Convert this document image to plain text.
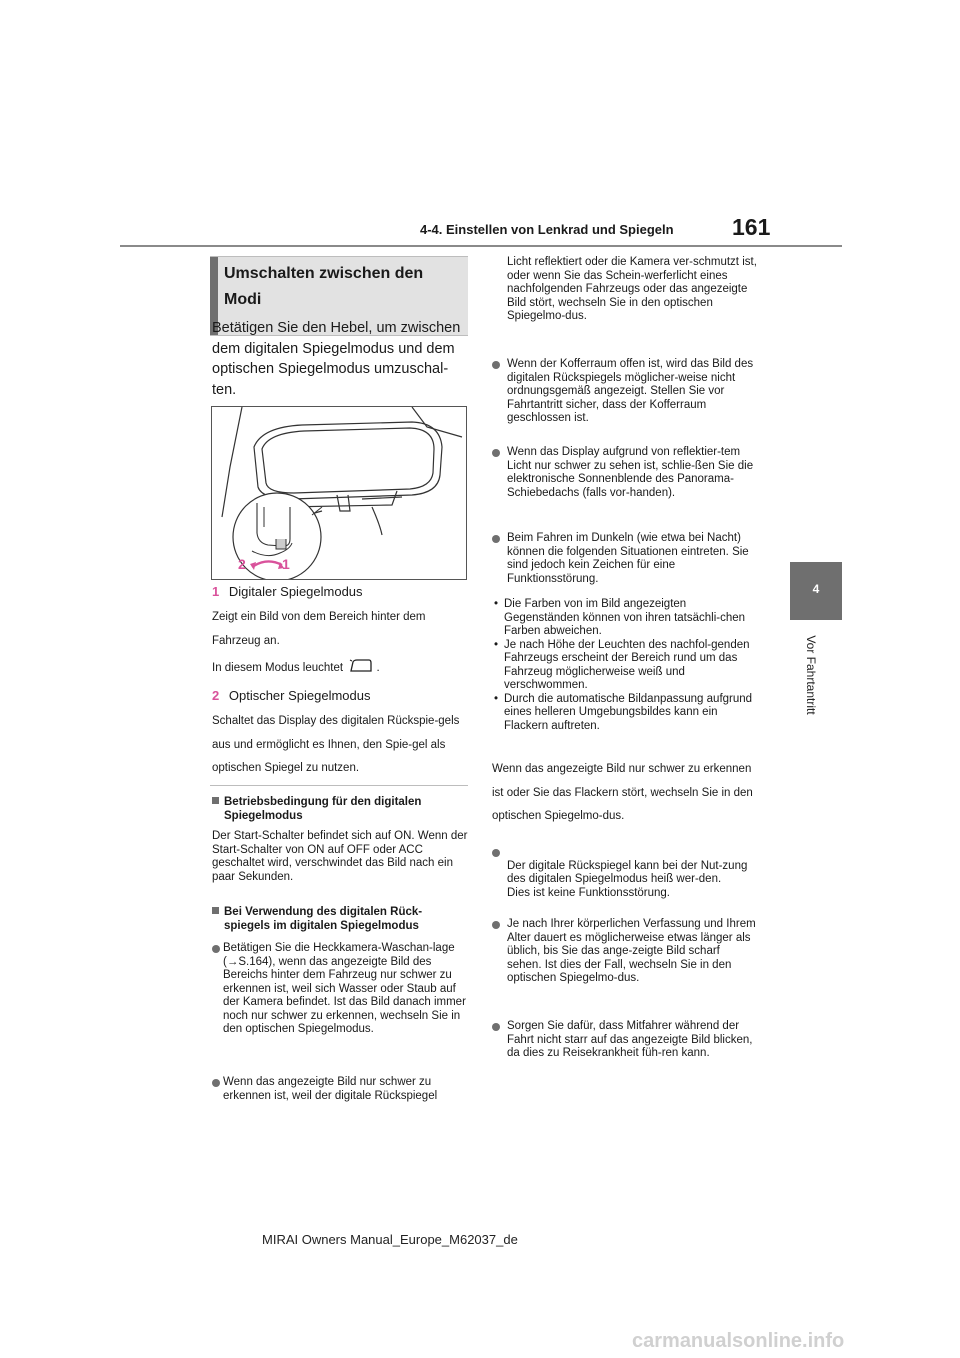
4-4. Einstellen von Lenkrad und Spiegeln	161
4
Vor Fahrtantritt
Umschalten zwischen den Modi
Betätigen Sie den Hebel, um zwischen dem digitalen Spiegelmodus und dem optischen Spiegelmodus umzuschal-ten.
2	1
1 Digitaler Spiegelmodus
Zeigt ein Bild von dem Bereich hinter dem Fahrzeug an.
In diesem Modus leuchtet	.
2 Optischer Spiegelmodus
Schaltet das Display des digitalen Rückspie-gels aus und ermöglicht es Ihnen, den Spie-gel als optischen Spiegel zu nutzen.
Betriebsbedingung für den digitalen
Spiegelmodus
Der Start-Schalter befindet sich auf ON. Wenn der Start-Schalter von ON auf OFF oder ACC geschaltet wird, verschwindet das Bild nach ein paar Sekunden.
Bei Verwendung des digitalen Rück-
spiegels im digitalen Spiegelmodus
Betätigen Sie die Heckkamera-Waschan-lage (→S.164), wenn das angezeigte Bild des Bereichs hinter dem Fahrzeug nur schwer zu erkennen ist, weil sich Wasser oder Staub auf der Kamera befindet. Ist das Bild danach immer noch nur schwer zu erkennen, wechseln Sie in den optischen Spiegelmodus.
Wenn das angezeigte Bild nur schwer zu erkennen ist, weil der digitale Rückspiegel
Licht reflektiert oder die Kamera ver-schmutzt ist, oder wenn Sie das Schein-werferlicht eines nachfolgenden Fahrzeugs oder das angezeigte Bild stört, wechseln Sie in den optischen Spiegelmo-dus.
Wenn der Kofferraum offen ist, wird das Bild des digitalen Rückspiegels möglicher-weise nicht ordnungsgemäß angezeigt. Stellen Sie vor Fahrtantritt sicher, dass der Kofferraum geschlossen ist.
Wenn das Display aufgrund von reflektier-tem Licht nur schwer zu sehen ist, schlie-ßen Sie die elektronische Sonnenblende des Panorama-Schiebedachs (falls vor-handen).
Beim Fahren im Dunkeln (wie etwa bei Nacht) können die folgenden Situationen eintreten. Sie sind jedoch kein Zeichen für eine Funktionsstörung.
• Die Farben von im Bild angezeigten Gegenständen können von ihren tatsächli-chen Farben abweichen.
• Je nach Höhe der Leuchten des nachfol-genden Fahrzeugs erscheint der Bereich rund um das Fahrzeug möglicherweise weiß und verschwommen.
• Durch die automatische Bildanpassung aufgrund eines helleren Umgebungsbildes kann ein Flackern auftreten.
Wenn das angezeigte Bild nur schwer zu erkennen ist oder Sie das Flackern stört, wechseln Sie in den optischen Spiegelmo-dus.

Der digitale Rückspiegel kann bei der Nut-zung des digitalen Spiegelmodus heiß wer-den.
Dies ist keine Funktionsstörung.

Je nach Ihrer körperlichen Verfassung und Ihrem Alter dauert es möglicherweise etwas länger als üblich, bis Sie das ange-zeigte Bild scharf sehen. Ist dies der Fall, wechseln Sie in den optischen Spiegelmo-dus.
Sorgen Sie dafür, dass Mitfahrer während der Fahrt nicht starr auf das angezeigte Bild blicken, da dies zu Reisekrankheit füh-ren kann.
MIRAI Owners Manual_Europe_M62037_de
carmanualsonline.info
